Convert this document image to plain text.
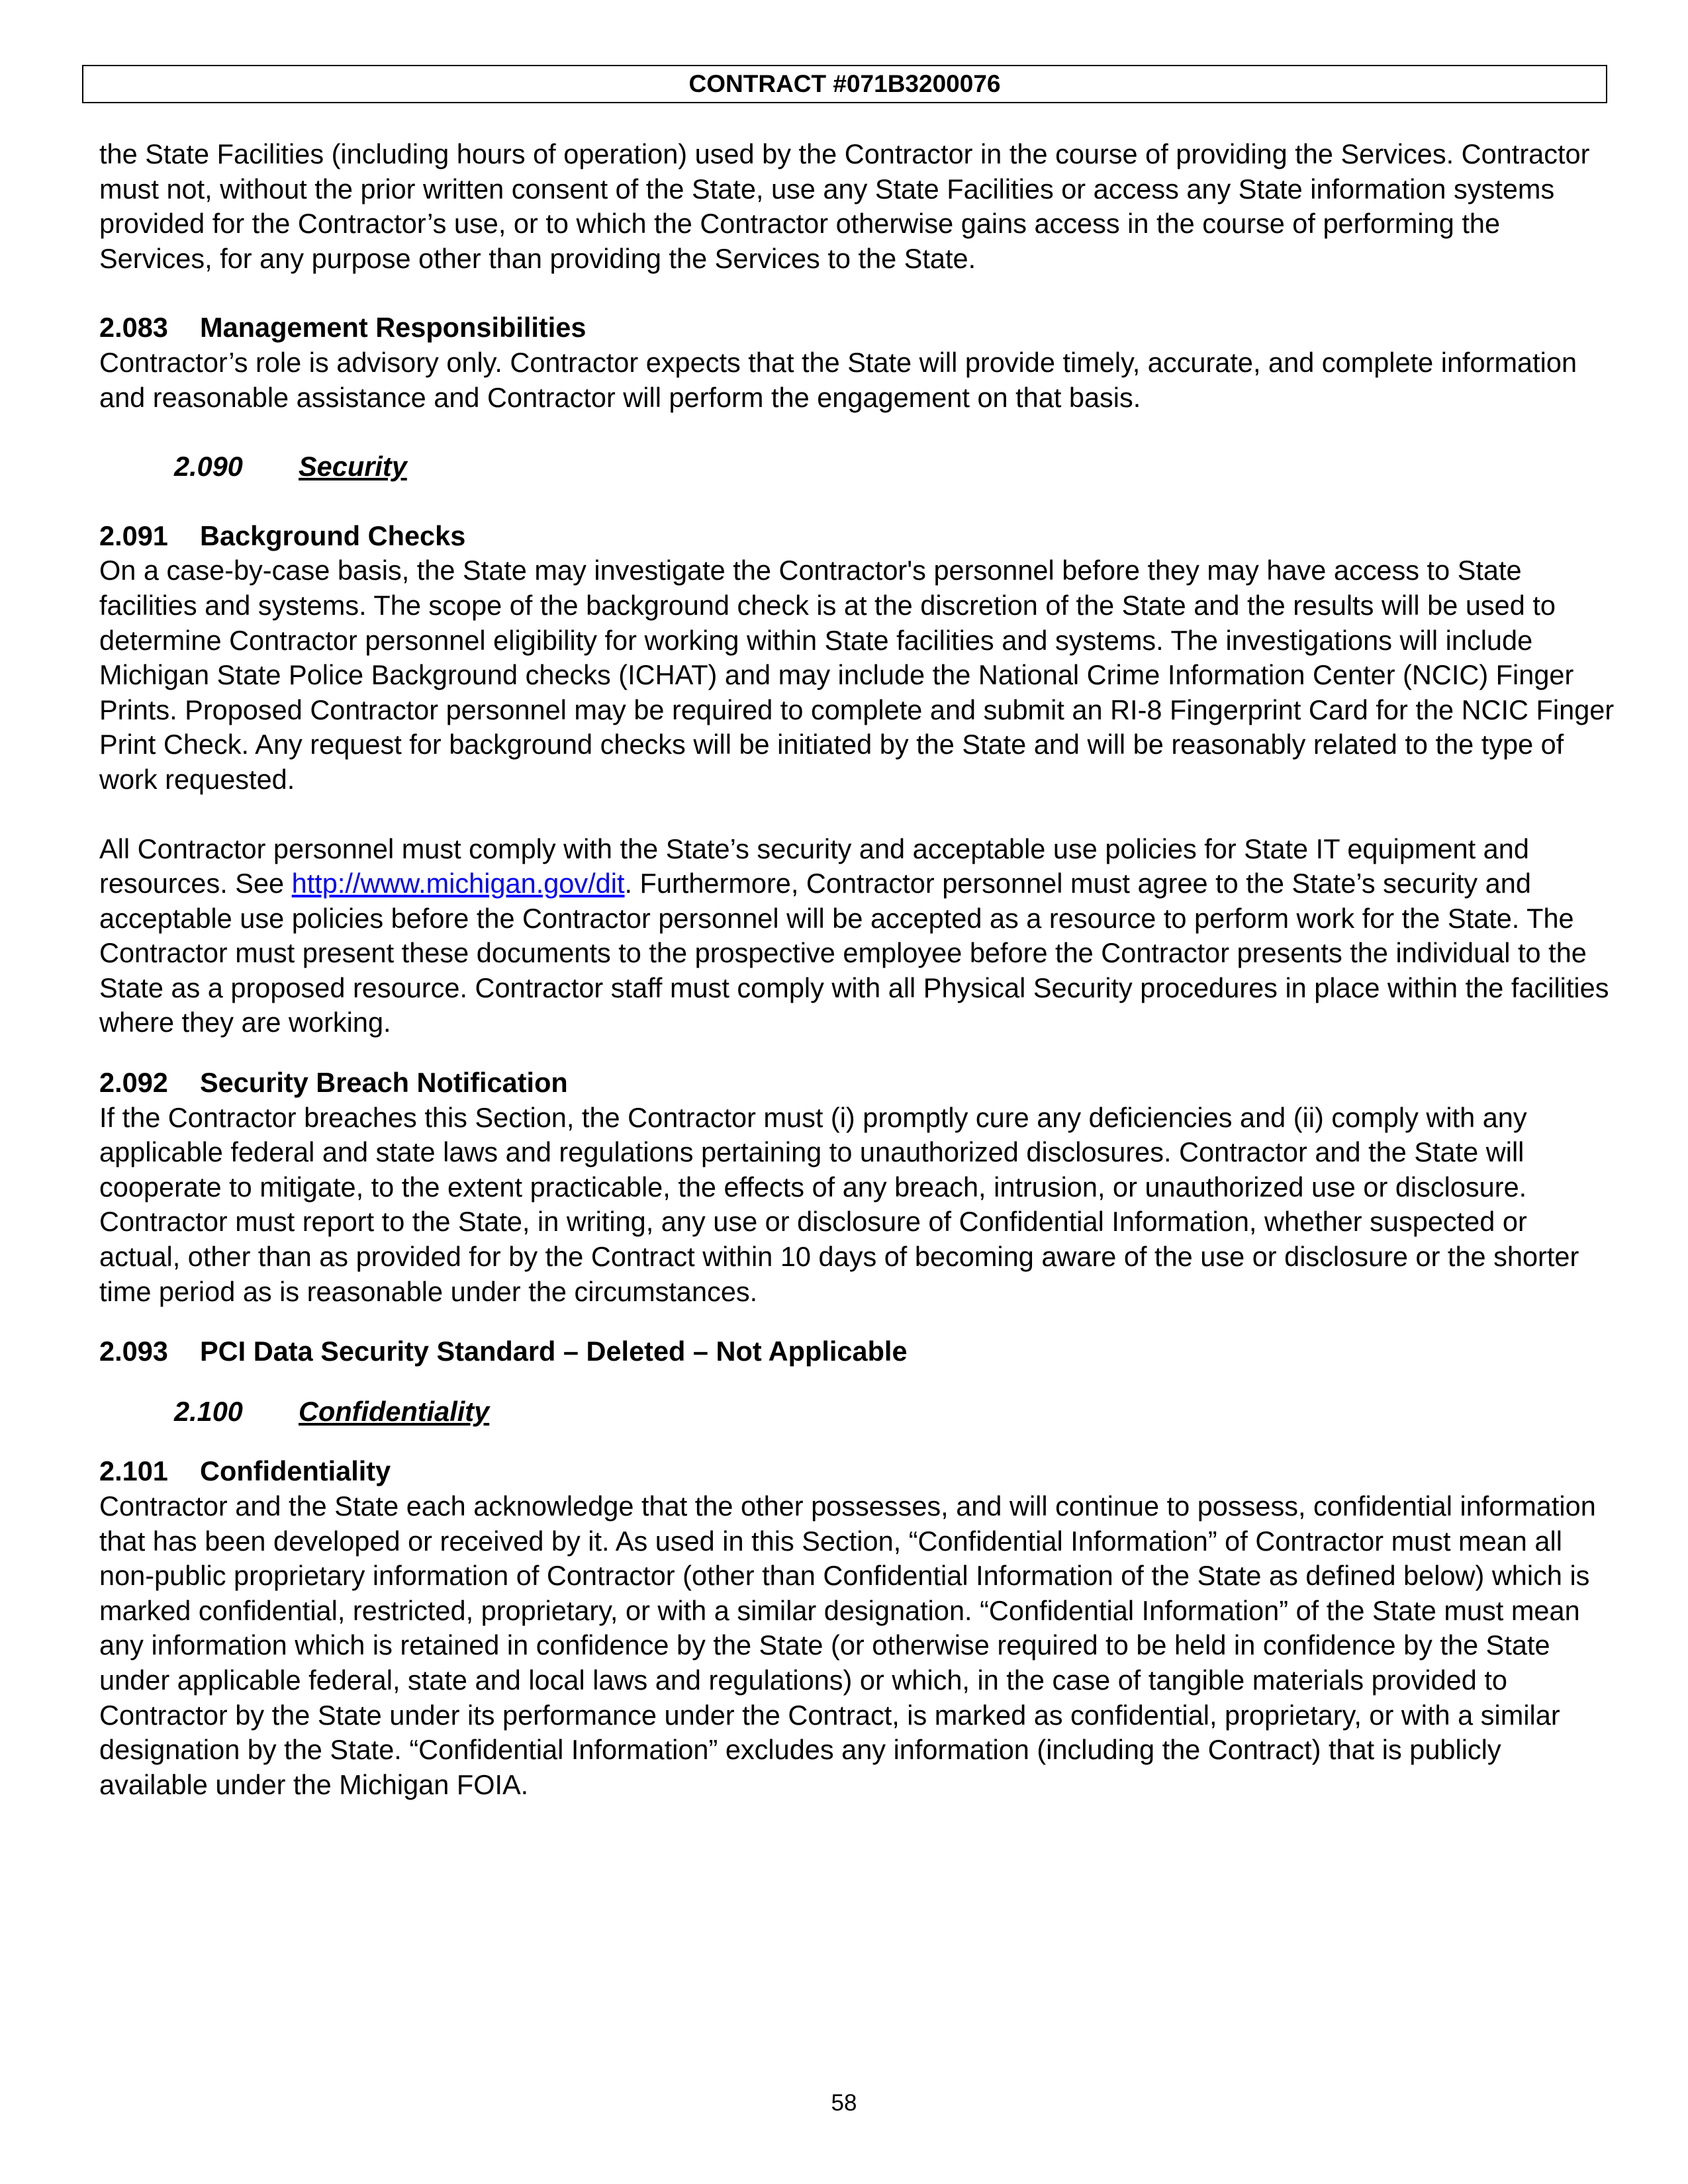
CONTRACT #071B3200076

the State Facilities (including hours of operation) used by the Contractor in the course of providing the Services. Contractor must not, without the prior written consent of the State, use any State Facilities or access any State information systems provided for the Contractor’s use, or to which the Contractor otherwise gains access in the course of performing the Services, for any purpose other than providing the Services to the State.

2.083 Management Responsibilities

Contractor’s role is advisory only. Contractor expects that the State will provide timely, accurate, and complete information and reasonable assistance and Contractor will perform the engagement on that basis.

2.090 Security

2.091 Background Checks

On a case-by-case basis, the State may investigate the Contractor's personnel before they may have access to State facilities and systems. The scope of the background check is at the discretion of the State and the results will be used to determine Contractor personnel eligibility for working within State facilities and systems. The investigations will include Michigan State Police Background checks (ICHAT) and may include the National Crime Information Center (NCIC) Finger Prints. Proposed Contractor personnel may be required to complete and submit an RI-8 Fingerprint Card for the NCIC Finger Print Check. Any request for background checks will be initiated by the State and will be reasonably related to the type of work requested.

All Contractor personnel must comply with the State’s security and acceptable use policies for State IT equipment and resources. See http://www.michigan.gov/dit. Furthermore, Contractor personnel must agree to the State’s security and acceptable use policies before the Contractor personnel will be accepted as a resource to perform work for the State. The Contractor must present these documents to the prospective employee before the Contractor presents the individual to the State as a proposed resource. Contractor staff must comply with all Physical Security procedures in place within the facilities where they are working.

2.092 Security Breach Notification

If the Contractor breaches this Section, the Contractor must (i) promptly cure any deficiencies and (ii) comply with any applicable federal and state laws and regulations pertaining to unauthorized disclosures. Contractor and the State will cooperate to mitigate, to the extent practicable, the effects of any breach, intrusion, or unauthorized use or disclosure. Contractor must report to the State, in writing, any use or disclosure of Confidential Information, whether suspected or actual, other than as provided for by the Contract within 10 days of becoming aware of the use or disclosure or the shorter time period as is reasonable under the circumstances.

2.093 PCI Data Security Standard – Deleted – Not Applicable

2.100 Confidentiality

2.101 Confidentiality

Contractor and the State each acknowledge that the other possesses, and will continue to possess, confidential information that has been developed or received by it. As used in this Section, “Confidential Information” of Contractor must mean all non-public proprietary information of Contractor (other than Confidential Information of the State as defined below) which is marked confidential, restricted, proprietary, or with a similar designation. “Confidential Information” of the State must mean any information which is retained in confidence by the State (or otherwise required to be held in confidence by the State under applicable federal, state and local laws and regulations) or which, in the case of tangible materials provided to Contractor by the State under its performance under the Contract, is marked as confidential, proprietary, or with a similar designation by the State. “Confidential Information” excludes any information (including the Contract) that is publicly available under the Michigan FOIA.

58
